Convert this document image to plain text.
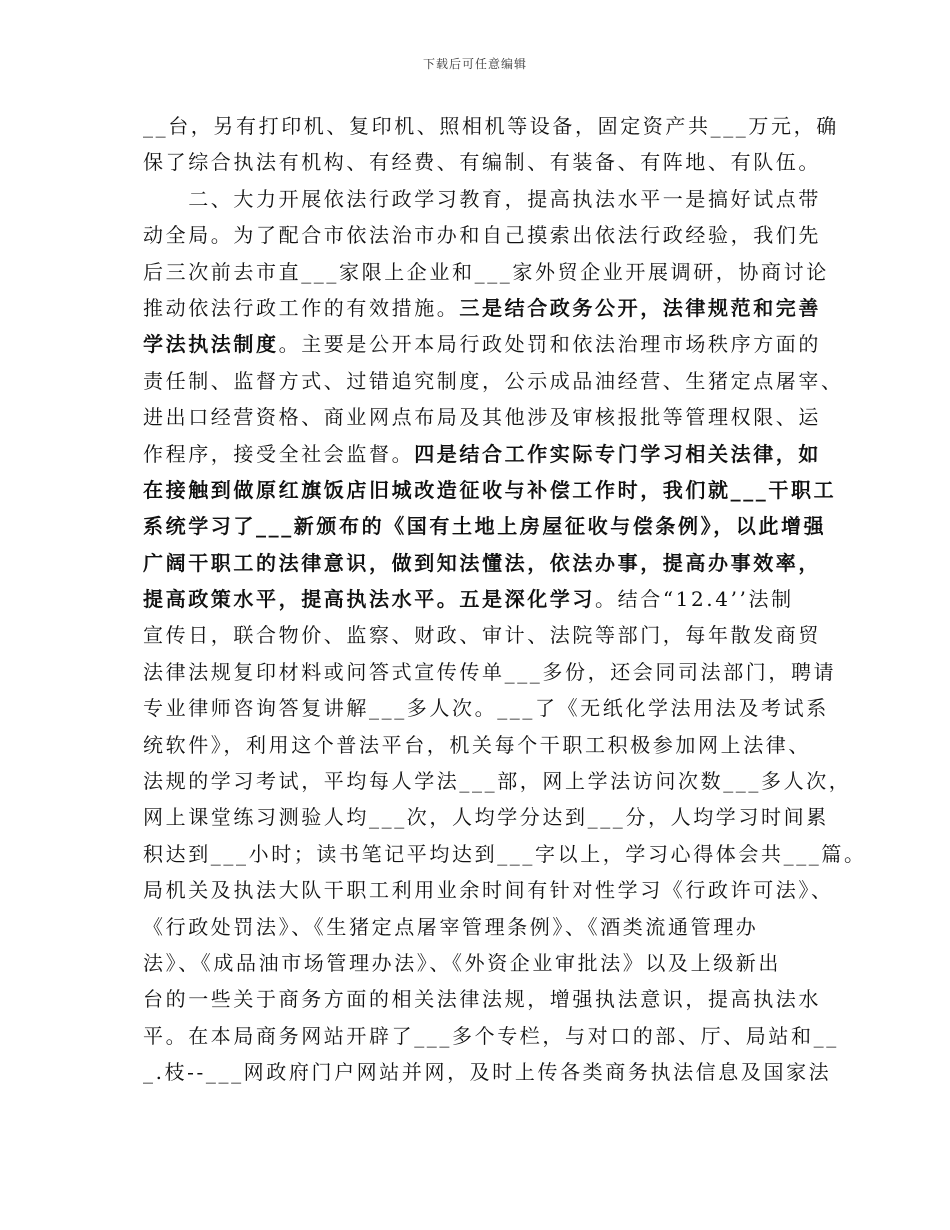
下载后可任意编辑
__台，另有打印机、复印机、照相机等设备，固定资产共___万元，确
保了综合执法有机构、有经费、有编制、有装备、有阵地、有队伍。
　　二、大力开展依法行政学习教育，提高执法水平一是搞好试点带
动全局。为了配合市依法治市办和自己摸索出依法行政经验，我们先
后三次前去市直___家限上企业和___家外贸企业开展调研，协商讨论
推动依法行政工作的有效措施。三是结合政务公开，法律规范和完善
学法执法制度。主要是公开本局行政处罚和依法治理市场秩序方面的
责任制、监督方式、过错追究制度，公示成品油经营、生猪定点屠宰、
进出口经营资格、商业网点布局及其他涉及审核报批等管理权限、运
作程序，接受全社会监督。四是结合工作实际专门学习相关法律，如
在接触到做原红旗饭店旧城改造征收与补偿工作时，我们就___干职工
系统学习了___新颁布的《国有土地上房屋征收与偿条例》，以此增强
广阔干职工的法律意识，做到知法懂法，依法办事，提高办事效率，
提高政策水平，提高执法水平。五是深化学习。结合“12.4’’法制
宣传日，联合物价、监察、财政、审计、法院等部门，每年散发商贸
法律法规复印材料或问答式宣传传单___多份，还会同司法部门，聘请
专业律师咨询答复讲解___多人次。___了《无纸化学法用法及考试系
统软件》，利用这个普法平台，机关每个干职工积极参加网上法律、
法规的学习考试，平均每人学法___部，网上学法访问次数___多人次，
网上课堂练习测验人均___次，人均学分达到___分，人均学习时间累
积达到___小时；读书笔记平均达到___字以上，学习心得体会共___篇。
局机关及执法大队干职工利用业余时间有针对性学习《行政许可法》、
《行政处罚法》、《生猪定点屠宰管理条例》、《酒类流通管理办
法》、《成品油市场管理办法》、《外资企业审批法》以及上级新出
台的一些关于商务方面的相关法律法规，增强执法意识，提高执法水
平。在本局商务网站开辟了___多个专栏，与对口的部、厅、局站和__
_.枝--___网政府门户网站并网，及时上传各类商务执法信息及国家法
